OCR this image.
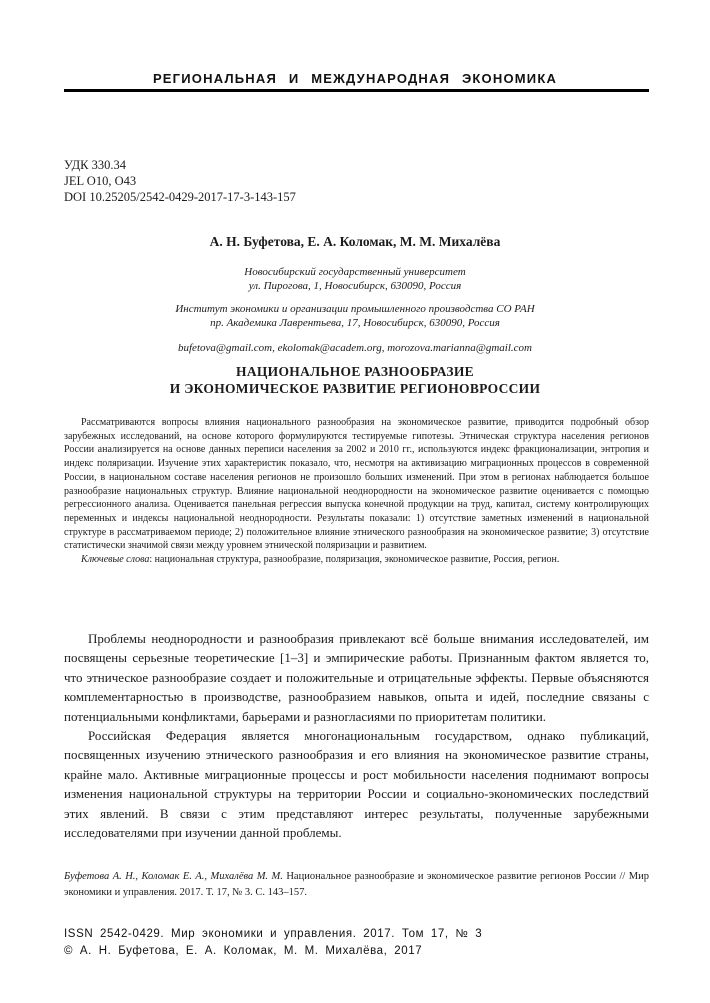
РЕГИОНАЛЬНАЯ И МЕЖДУНАРОДНАЯ ЭКОНОМИКА
УДК 330.34
JEL O10, O43
DOI 10.25205/2542-0429-2017-17-3-143-157
А. Н. Буфетова, Е. А. Коломак, М. М. Михалёва
Новосибирский государственный университет
ул. Пирогова, 1, Новосибирск, 630090, Россия
Институт экономики и организации промышленного производства СО РАН
пр. Академика Лаврентьева, 17, Новосибирск, 630090, Россия
bufetova@gmail.com, ekolomak@academ.org, morozova.marianna@gmail.com
НАЦИОНАЛЬНОЕ РАЗНООБРАЗИЕ
И ЭКОНОМИЧЕСКОЕ РАЗВИТИЕ РЕГИОНОВРОССИИ

Рассматриваются вопросы влияния национального разнообразия на экономическое развитие, приводится подробный обзор зарубежных исследований, на основе которого формулируются тестируемые гипотезы. Этническая структура населения регионов России анализируется на основе данных переписи населения за 2002 и 2010 гг., используются индекс фракционализации, энтропия и индекс поляризации. Изучение этих характеристик показало, что, несмотря на активизацию миграционных процессов в современной России, в национальном составе населения регионов не произошло больших изменений. При этом в регионах наблюдается большое разнообразие национальных структур. Влияние национальной неоднородности на экономическое развитие оценивается с помощью регрессионного анализа. Оценивается панельная регрессия выпуска конечной продукции на труд, капитал, систему контролирующих переменных и индексы национальной неоднородности. Результаты показали: 1) отсутствие заметных изменений в национальной структуре в рассматриваемом периоде; 2) положительное влияние этнического разнообразия на экономическое развитие; 3) отсутствие статистически значимой связи между уровнем этнической поляризации и развитием.

Ключевые слова: национальная структура, разнообразие, поляризация, экономическое развитие, Россия, регион.

Проблемы неоднородности и разнообразия привлекают всё больше внимания исследователей, им посвящены серьезные теоретические [1–3] и эмпирические работы. Признанным фактом является то, что этническое разнообразие создает и положительные и отрицательные эффекты. Первые объясняются комплементарностью в производстве, разнообразием навыков, опыта и идей, последние связаны с потенциальными конфликтами, барьерами и разногласиями по приоритетам политики.

Российская Федерация является многонациональным государством, однако публикаций, посвященных изучению этнического разнообразия и его влияния на экономическое развитие страны, крайне мало. Активные миграционные процессы и рост мобильности населения поднимают вопросы изменения национальной структуры на территории России и социально-экономических последствий этих явлений. В связи с этим представляют интерес результаты, полученные зарубежными исследователями при изучении данной проблемы.

Буфетова А. Н., Коломак Е. А., Михалёва М. М. Национальное разнообразие и экономическое развитие регионов России // Мир экономики и управления. 2017. Т. 17, № 3. С. 143–157.
ISSN 2542-0429. Мир экономики и управления. 2017. Том 17, № 3
© А. Н. Буфетова, Е. А. Коломак, М. М. Михалёва, 2017
